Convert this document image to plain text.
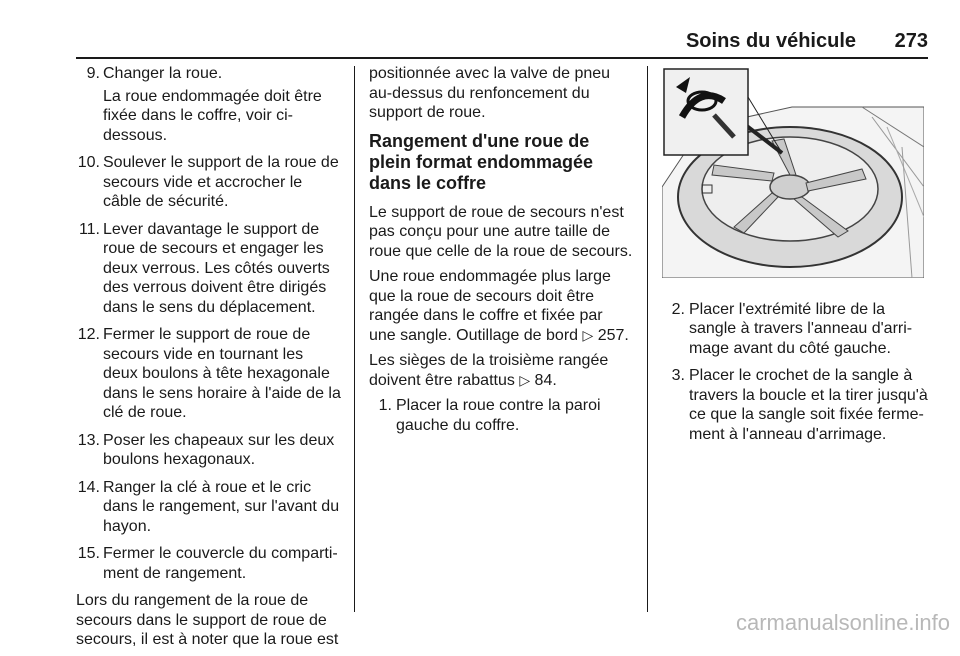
Soins du véhicule 273
9. Changer la roue.
La roue endommagée doit être fixée dans le coffre, voir ci-dessous.
10. Soulever le support de la roue de secours vide et accrocher le câble de sécurité.
11. Lever davantage le support de roue de secours et engager les deux verrous. Les côtés ouverts des verrous doivent être dirigés dans le sens du déplacement.
12. Fermer le support de roue de secours vide en tournant les deux boulons à tête hexagonale dans le sens horaire à l'aide de la clé de roue.
13. Poser les chapeaux sur les deux boulons hexagonaux.
14. Ranger la clé à roue et le cric dans le rangement, sur l'avant du hayon.
15. Fermer le couvercle du comparti-ment de rangement.

Lors du rangement de la roue de secours dans le support de roue de secours, il est à noter que la roue est

positionnée avec la valve de pneu au-dessus du renfoncement du support de roue.

Rangement d'une roue de plein format endommagée dans le coffre

Le support de roue de secours n'est pas conçu pour une autre taille de roue que celle de la roue de secours.

Une roue endommagée plus large que la roue de secours doit être rangée dans le coffre et fixée par une sangle. Outillage de bord ▷ 257.

Les sièges de la troisième rangée doivent être rabattus ▷ 84.

1. Placer la roue contre la paroi gauche du coffre.
2. Placer l'extrémité libre de la sangle à travers l'anneau d'arri-mage avant du côté gauche.
3. Placer le crochet de la sangle à travers la boucle et la tirer jusqu'à ce que la sangle soit fixée ferme-ment à l'anneau d'arrimage.
carmanualsonline.info
